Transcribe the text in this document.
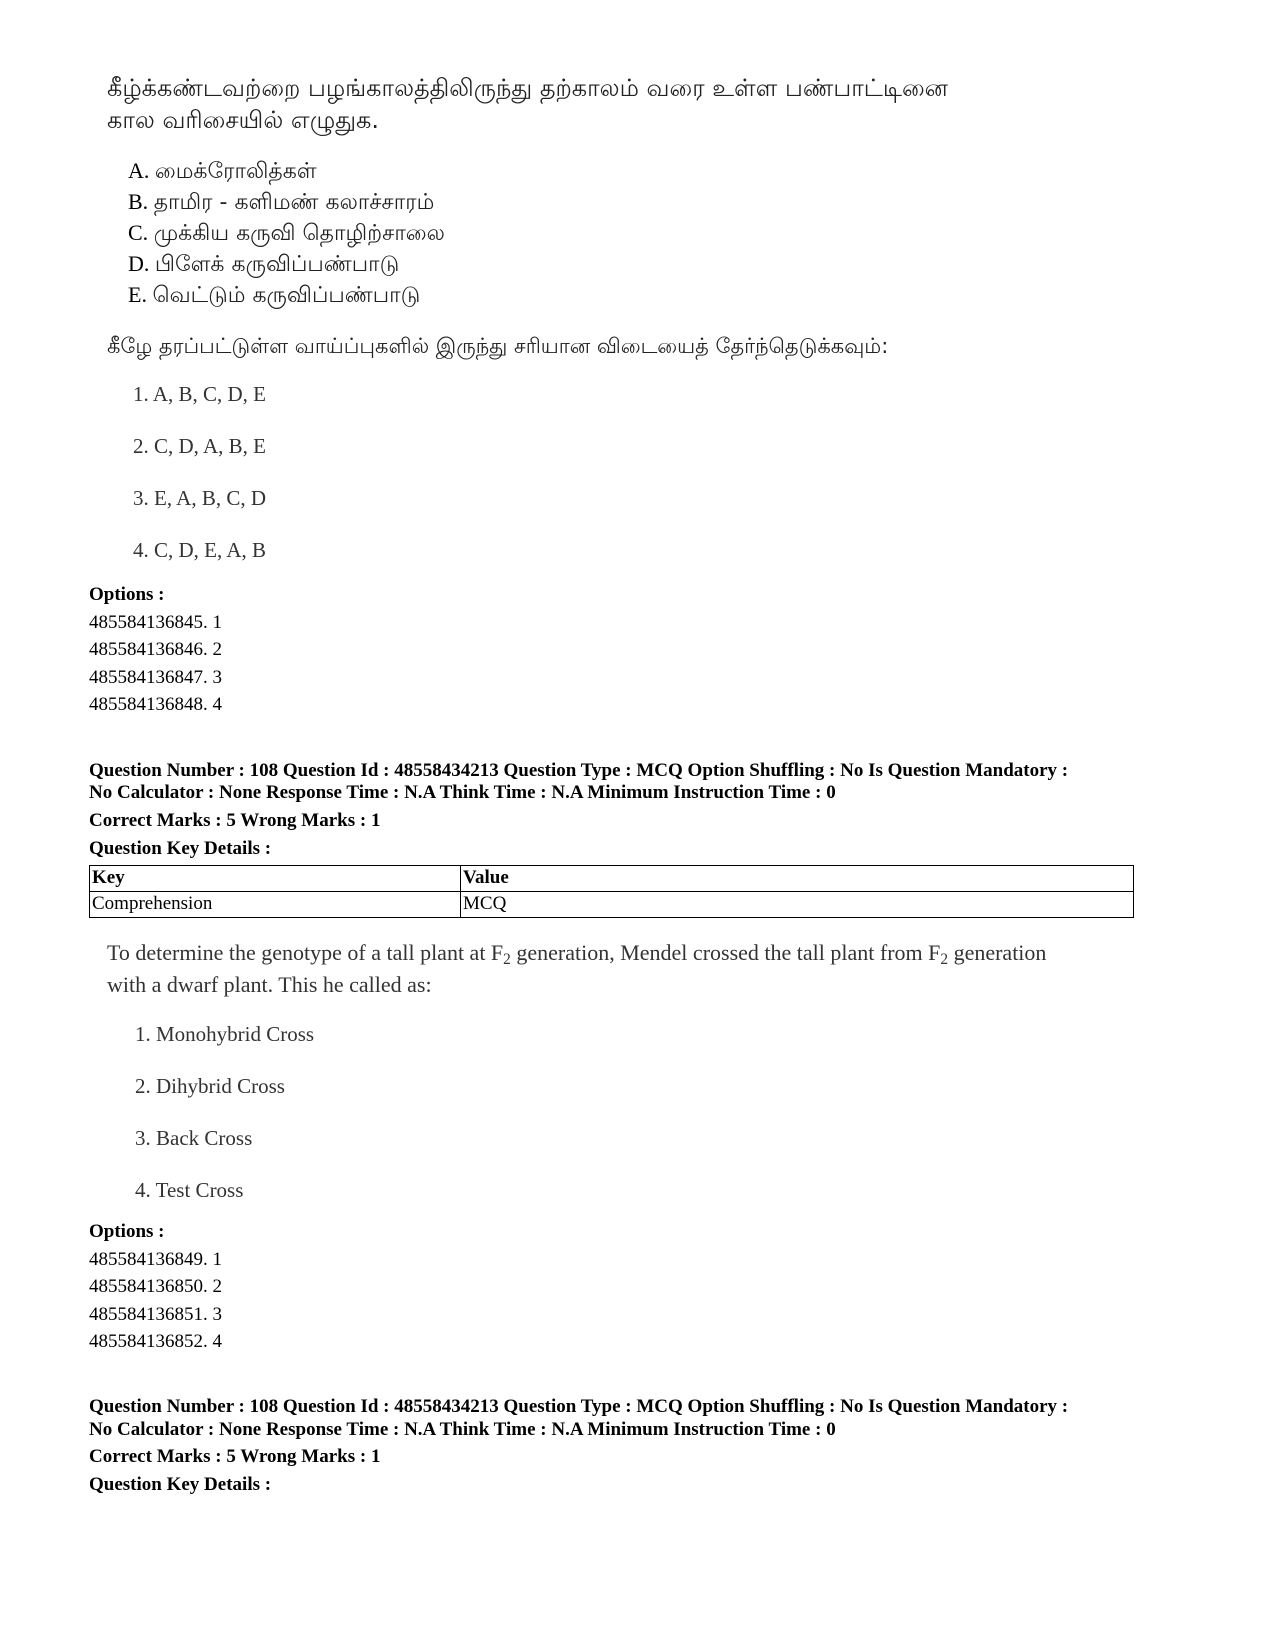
கீழ்க்கண்டவற்றை பழங்காலத்திலிருந்து தற்காலம் வரை உள்ள பண்பாட்டினை
கால வரிசையில் எழுதுக.
A. மைக்ரோலித்கள்
B. தாமிர - களிமண் கலாச்சாரம்
C. முக்கிய கருவி தொழிற்சாலை
D. பிளேக் கருவிப்பண்பாடு
E. வெட்டும் கருவிப்பண்பாடு
கீழே தரப்பட்டுள்ள வாய்ப்புகளில் இருந்து சரியான விடையைத் தேர்ந்தெடுக்கவும்:
1. A, B, C, D, E
2. C, D, A, B, E
3. E, A, B, C, D
4. C, D, E, A, B
Options :
485584136845. 1
485584136846. 2
485584136847. 3
485584136848. 4
Question Number : 108 Question Id : 48558434213 Question Type : MCQ Option Shuffling : No Is Question Mandatory :
No Calculator : None Response Time : N.A Think Time : N.A Minimum Instruction Time : 0
Correct Marks : 5 Wrong Marks : 1
Question Key Details :
Key	Value
Comprehension	MCQ
To determine the genotype of a tall plant at $F_2$ generation, Mendel crossed the tall plant from $F_2$ generation
with a dwarf plant. This he called as:
1. Monohybrid Cross
2. Dihybrid Cross
3. Back Cross
4. Test Cross
Options :
485584136849. 1
485584136850. 2
485584136851. 3
485584136852. 4
Question Number : 108 Question Id : 48558434213 Question Type : MCQ Option Shuffling : No Is Question Mandatory :
No Calculator : None Response Time : N.A Think Time : N.A Minimum Instruction Time : 0
Correct Marks : 5 Wrong Marks : 1
Question Key Details :
